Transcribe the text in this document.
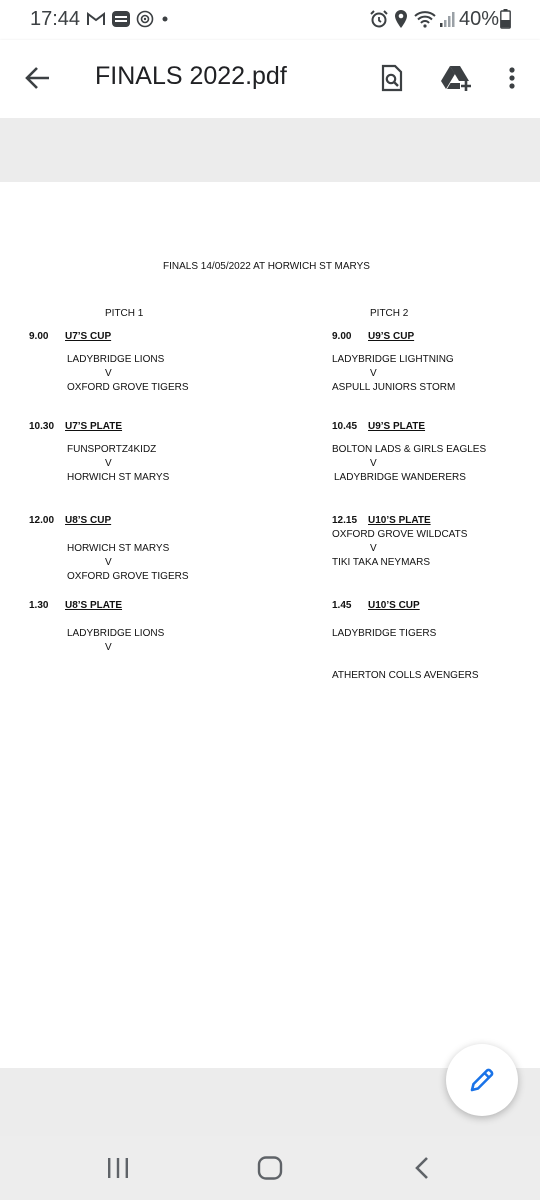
17:44	40%
FINALS 2022.pdf
FINALS 14/05/2022 AT HORWICH ST MARYS
PITCH 1	PITCH 2
9.00 U7’S CUP
LADYBRIDGE LIONS
V
OXFORD GROVE TIGERS
10.30 U7’S PLATE
FUNSPORTZ4KIDZ
V
HORWICH ST MARYS
12.00 U8’S CUP
HORWICH ST MARYS
V
OXFORD GROVE TIGERS
1.30 U8’S PLATE
LADYBRIDGE LIONS
V
9.00 U9’S CUP
LADYBRIDGE LIGHTNING
V
ASPULL JUNIORS STORM
10.45 U9’S PLATE
BOLTON LADS & GIRLS EAGLES
V
LADYBRIDGE WANDERERS
12.15 U10’S PLATE
OXFORD GROVE WILDCATS
V
TIKI TAKA NEYMARS
1.45 U10’S CUP
LADYBRIDGE TIGERS
ATHERTON COLLS AVENGERS
